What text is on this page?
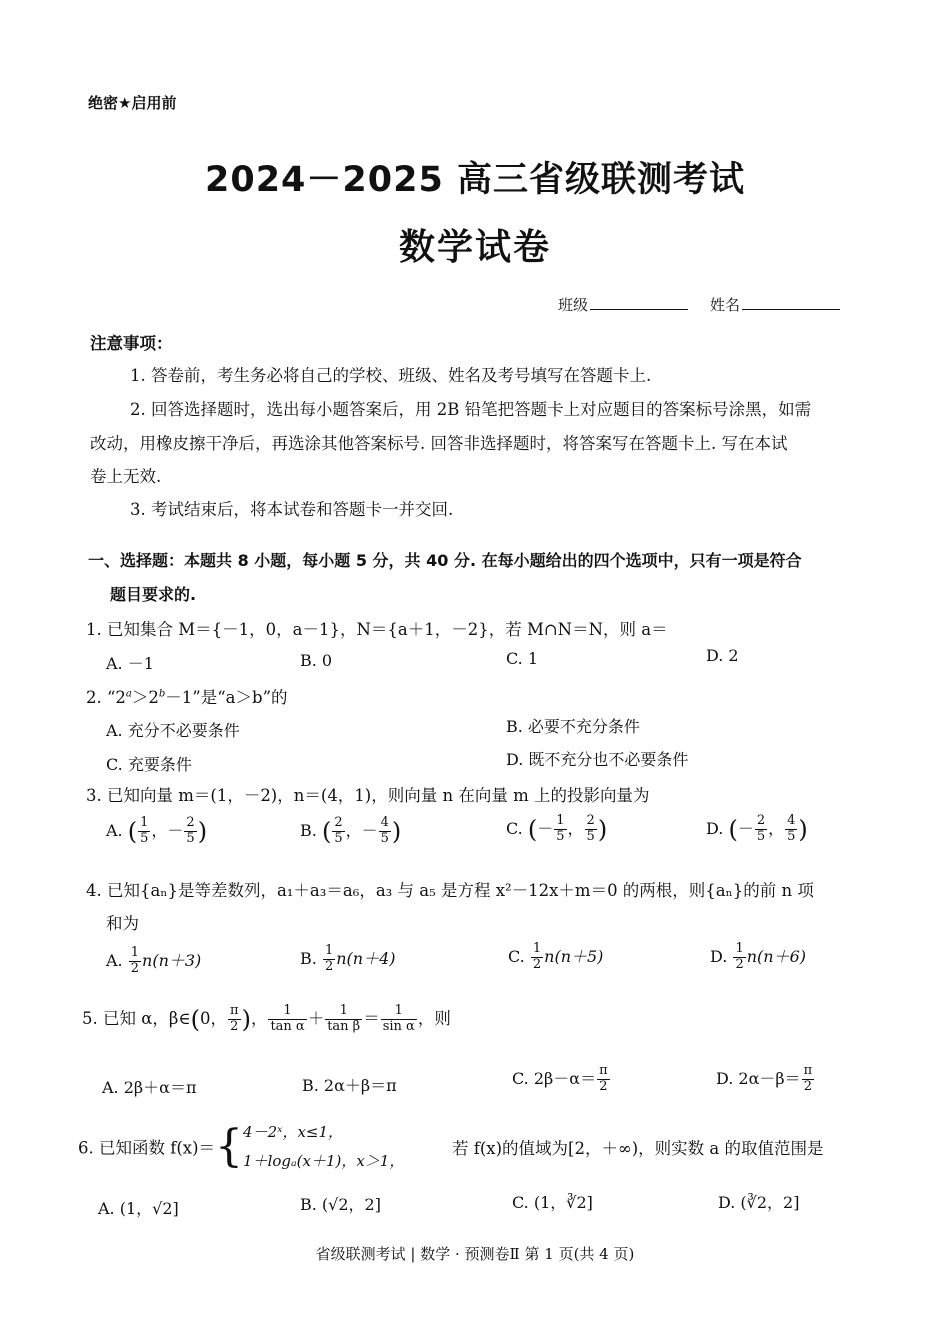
绝密★启用前
2024－2025 高三省级联测考试
数学试卷
班级	姓名
注意事项：
1. 答卷前，考生务必将自己的学校、班级、姓名及考号填写在答题卡上.
2. 回答选择题时，选出每小题答案后，用 2B 铅笔把答题卡上对应题目的答案标号涂黑，如需
改动，用橡皮擦干净后，再选涂其他答案标号. 回答非选择题时，将答案写在答题卡上. 写在本试
卷上无效.
3. 考试结束后，将本试卷和答题卡一并交回.
一、选择题：本题共 8 小题，每小题 5 分，共 40 分. 在每小题给出的四个选项中，只有一项是符合
题目要求的.
1. 已知集合 M＝{－1，0，a－1}，N＝{a＋1，－2}，若 M∩N＝N，则 a＝
A. －1	B. 0	C. 1	D. 2
2. “$2^a>2^b-1$”是“a＞b”的
A. 充分不必要条件	B. 必要不充分条件
C. 充要条件	D. 既不充分也不必要条件
3. 已知向量 m＝(1，－2)，n＝(4，1)，则向量 n 在向量 m 上的投影向量为
A. ( $\frac{1}{5}$ ，－ $\frac{2}{5}$ )	B. ( $\frac{2}{5}$ ，－ $\frac{4}{5}$ )	C. (－ $\frac{1}{5}$ ， $\frac{2}{5}$ )	D. (－ $\frac{2}{5}$ ， $\frac{4}{5}$ )
4. 已知{aₙ}是等差数列，a₁＋a₃＝a₆，a₃ 与 a₅ 是方程 x²－12x＋m＝0 的两根，则{aₙ}的前 n 项
和为
A. $\frac{1}{2} n(n+3)$	B. $\frac{1}{2} n(n+4)$	C. $\frac{1}{2} n(n+5)$	D. $\frac{1}{2} n(n+6)$
5. 已知 α，β∈(0， $\frac{\pi}{2}$ )， $\frac{1}{\text{tan α}} + \frac{1}{\text{tan β}} = \frac{1}{\text{sin α}}$ ，则
A. 2β＋α＝π	B. 2α＋β＝π	C. $2\beta-\alpha= \frac{\pi}{2}$	D. $2\alpha-\beta= \frac{\pi}{2}$
6. 已知函数 f(x)＝{ 4－2ˣ，x≤1，
1＋logₐ(x＋1)，x＞1，
若 f(x)的值域为[2，＋∞)，则实数 a 的取值范围是
A. (1，√2]	B. (√2，2]	C. (1，∛2]	D. (∛2，2]
省级联测考试 | 数学 · 预测卷Ⅱ 第 1 页(共 4 页)
